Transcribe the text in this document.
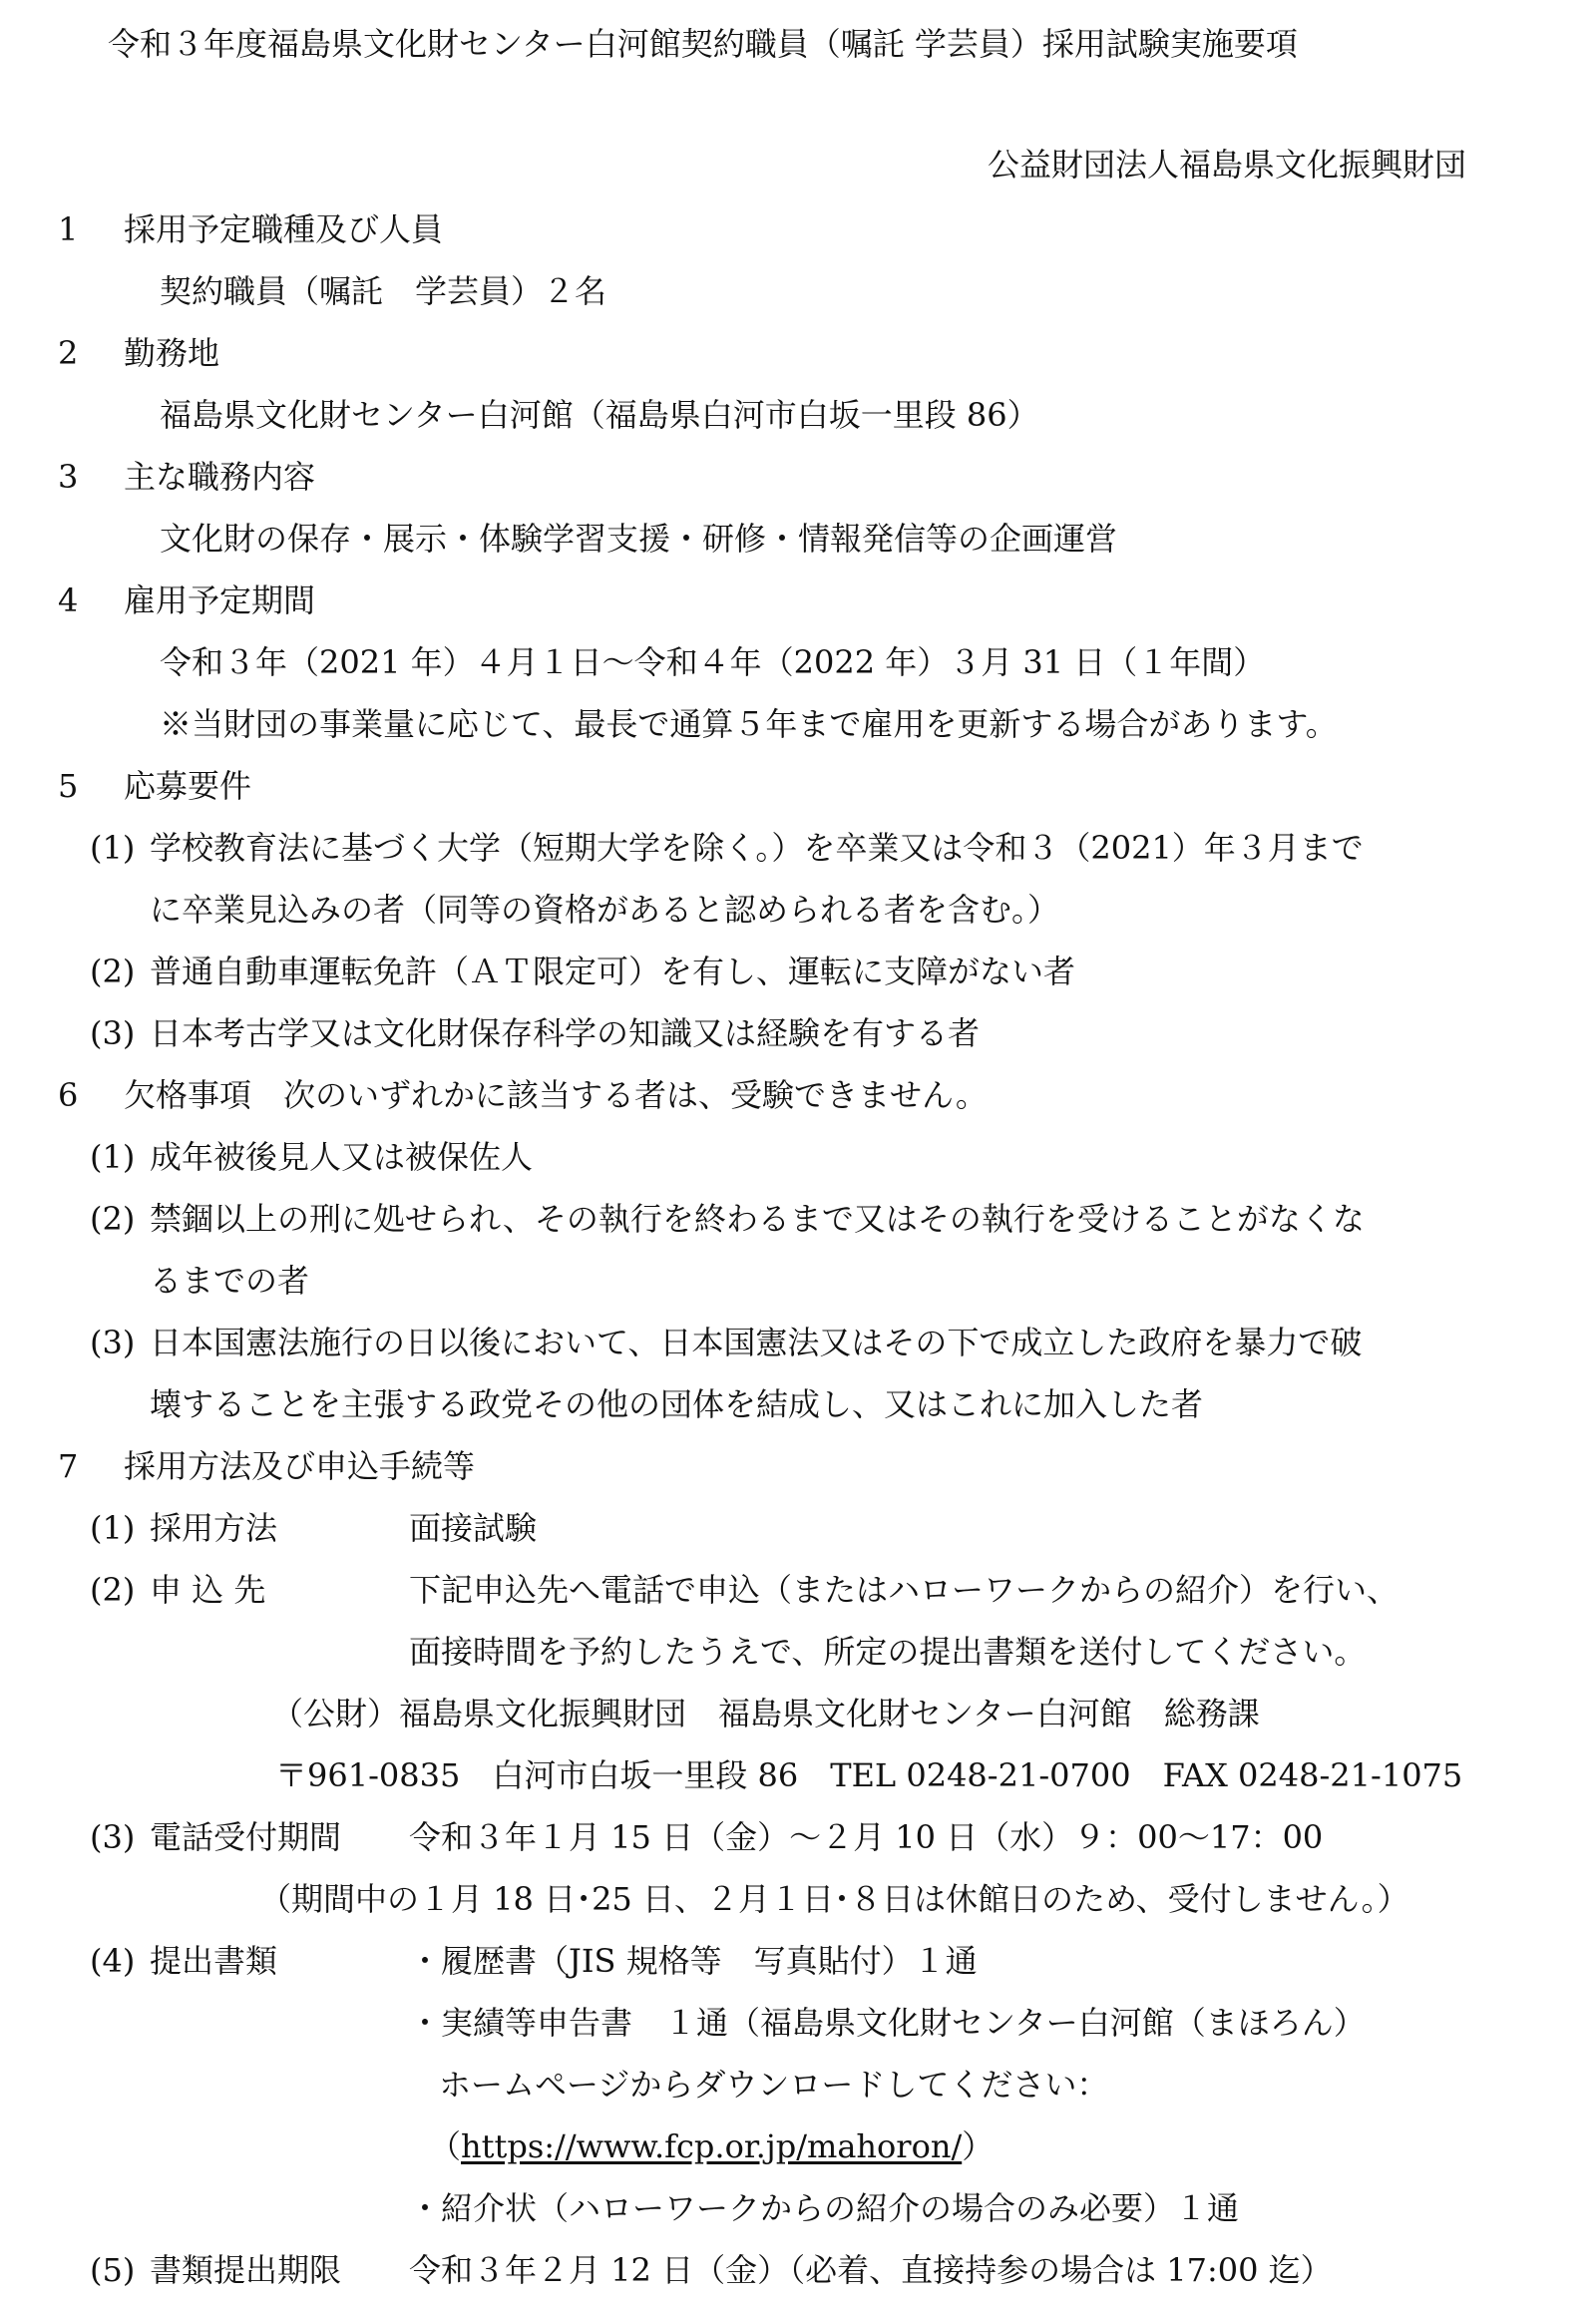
令和３年度福島県文化財センター白河館契約職員（嘱託 学芸員）採用試験実施要項
公益財団法人福島県文化振興財団
1 採用予定職種及び人員
契約職員（嘱託　学芸員）２名
2 勤務地
福島県文化財センター白河館（福島県白河市白坂一里段 86）
3 主な職務内容
文化財の保存・展示・体験学習支援・研修・情報発信等の企画運営
4 雇用予定期間
令和３年（2021 年）４月１日～令和４年（2022 年）３月 31 日（１年間）
※当財団の事業量に応じて、最長で通算５年まで雇用を更新する場合があります。
5 応募要件
(1) 学校教育法に基づく大学（短期大学を除く。）を卒業又は令和３（2021）年３月まで
に卒業見込みの者（同等の資格があると認められる者を含む。）
(2) 普通自動車運転免許（ＡＴ限定可）を有し、運転に支障がない者
(3) 日本考古学又は文化財保存科学の知識又は経験を有する者
6 欠格事項　次のいずれかに該当する者は、受験できません。
(1) 成年被後見人又は被保佐人
(2) 禁錮以上の刑に処せられ、その執行を終わるまで又はその執行を受けることがなくな
るまでの者
(3) 日本国憲法施行の日以後において、日本国憲法又はその下で成立した政府を暴力で破
壊することを主張する政党その他の団体を結成し、又はこれに加入した者
7 採用方法及び申込手続等
(1) 採用方法	面接試験
(2) 申 込 先	下記申込先へ電話で申込（またはハローワークからの紹介）を行い、
面接時間を予約したうえで、所定の提出書類を送付してください。
（公財）福島県文化振興財団　福島県文化財センター白河館　総務課
〒961-0835　白河市白坂一里段 86　TEL 0248-21-0700　FAX 0248-21-1075
(3) 電話受付期間 令和３年１月 15 日（金）～２月 10 日（水）９：00～17：00
（期間中の１月 18 日･25 日、２月１日･８日は休館日のため、受付しません。）
(4) 提出書類	・履歴書（JIS 規格等　写真貼付）１通
・実績等申告書　１通（福島県文化財センター白河館（まほろん）
ホームページからダウンロードしてください：
（https://www.fcp.or.jp/mahoron/）
・紹介状（ハローワークからの紹介の場合のみ必要）１通
(5) 書類提出期限 令和３年２月 12 日（金）（必着、直接持参の場合は 17:00 迄）
